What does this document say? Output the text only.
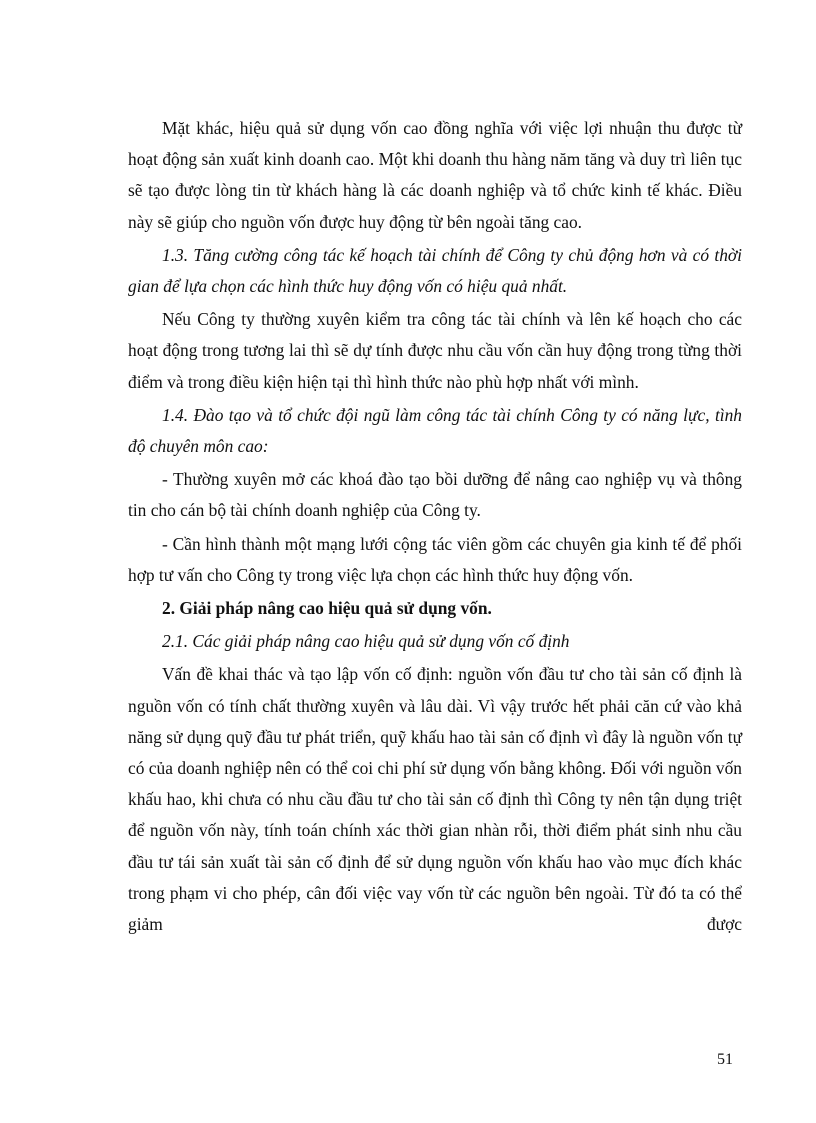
Mặt khác, hiệu quả sử dụng vốn cao đồng nghĩa với việc lợi nhuận thu được từ hoạt động sản xuất kinh doanh cao. Một khi doanh thu hàng năm tăng và duy trì liên tục sẽ tạo được lòng tin từ khách hàng là các doanh nghiệp và tổ chức kinh tế khác. Điều này sẽ giúp cho nguồn vốn được huy động từ bên ngoài tăng cao.

1.3. Tăng cường công tác kế hoạch tài chính để Công ty chủ động hơn và có thời gian để lựa chọn các hình thức huy động vốn có hiệu quả nhất.

Nếu Công ty thường xuyên kiểm tra công tác tài chính và lên kế hoạch cho các hoạt động trong tương lai thì sẽ dự tính được nhu cầu vốn cần huy động trong từng thời điểm và trong điều kiện hiện tại thì hình thức nào phù hợp nhất với mình.

1.4. Đào tạo và tổ chức đội ngũ làm công tác tài chính Công ty có năng lực, tình độ chuyên môn cao:

- Thường xuyên mở các khoá đào tạo bồi dưỡng để nâng cao nghiệp vụ và thông tin cho cán bộ tài chính doanh nghiệp của Công ty.

- Cần hình thành một mạng lưới cộng tác viên gồm các chuyên gia kinh tế để phối hợp tư vấn cho Công ty trong việc lựa chọn các hình thức huy động vốn.

2. Giải pháp nâng cao hiệu quả sử dụng vốn.

2.1. Các giải pháp nâng cao hiệu quả sử dụng vốn cố định

Vấn đề khai thác và tạo lập vốn cố định: nguồn vốn đầu tư cho tài sản cố định là nguồn vốn có tính chất thường xuyên và lâu dài. Vì vậy trước hết phải căn cứ vào khả năng sử dụng quỹ đầu tư phát triển, quỹ khấu hao tài sản cố định vì đây là nguồn vốn tự có của doanh nghiệp nên có thể coi chi phí sử dụng vốn bằng không. Đối với nguồn vốn khấu hao, khi chưa có nhu cầu đầu tư cho tài sản cố định thì Công ty nên tận dụng triệt để nguồn vốn này, tính toán chính xác thời gian nhàn rỗi, thời điểm phát sinh nhu cầu đầu tư tái sản xuất tài sản cố định để sử dụng nguồn vốn khấu hao vào mục đích khác trong phạm vi cho phép, cân đối việc vay vốn từ các nguồn bên ngoài. Từ đó ta có thể giảm được

51
